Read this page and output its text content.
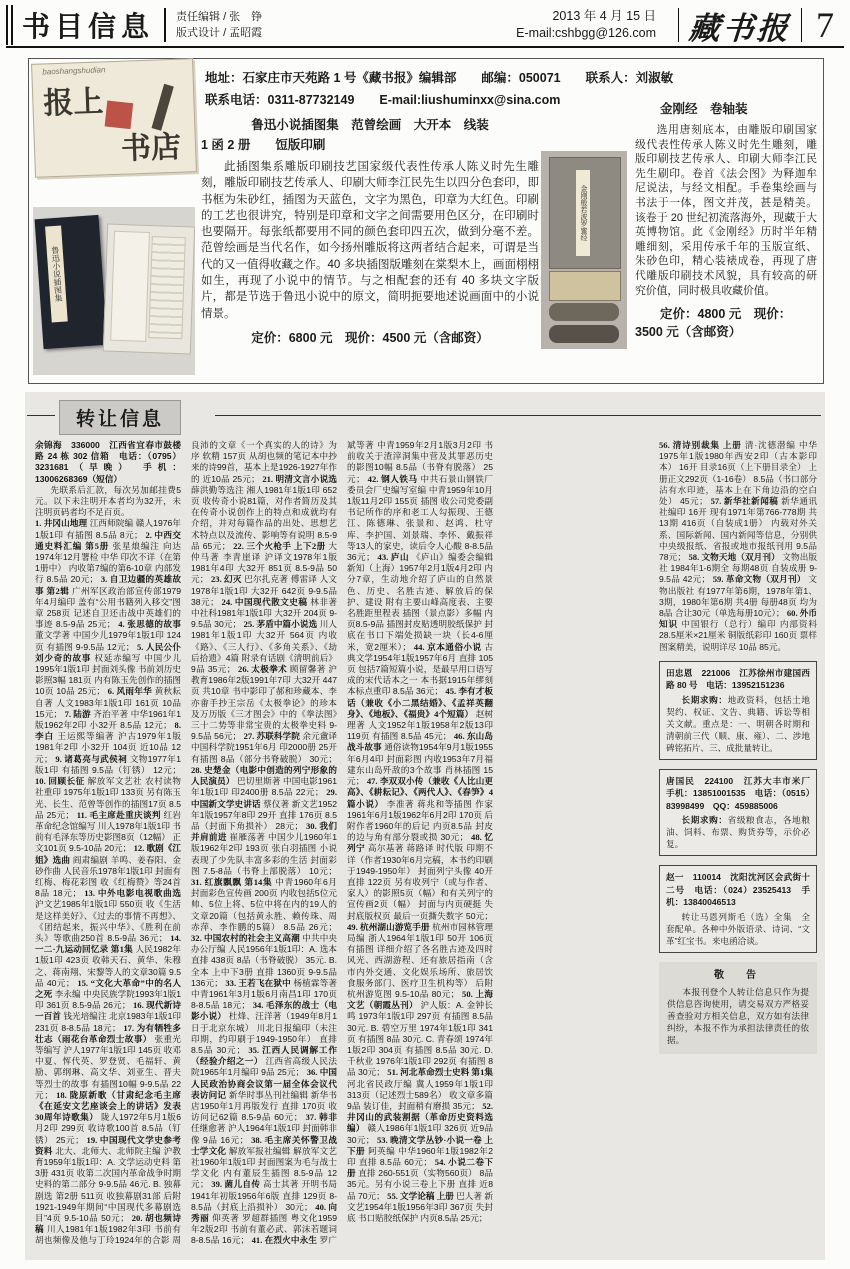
书目信息 责任编辑 / 张　铮
版式设计 / 孟昭霞
2013 年 4 月 15 日
E-mail:cshbgg@126.com 藏书报 7
baoshangshudian
报上
书店
地址：石家庄市天苑路 1 号《藏书报》编辑部　　邮编：050071　　联系人：刘淑敏
联系电话：0311-87732149　　E-mail:liushuminxx@sina.com
鲁迅小说插图集　范曾绘画　大开本　线装
1 函 2 册　　饾版印刷
此插图集系雕版印刷技艺国家级代表性传承人陈义时先生雕刻，雕版印刷技艺传承人、印刷大师李江民先生以四分色套印，即书框为朱砂红，插图为天蓝色，文字为黑色，印章为大红色。印刷的工艺也很讲究，特别是印章和文字之间需要用色区分，在印刷时也要隔开。每张纸都要用不同的颜色套印四五次，做到分毫不差。范曾绘画是当代名作，如今扬州雕版将这两者结合起来，可谓是当代的又一值得收藏之作。40 多块插图版雕刻在棠梨木上，画面栩栩如生，再现了小说中的情节。与之相配套的还有 40 多块文字版片，都是节选于鲁迅小说中的原文，简明扼要地述说画面中的小说情景。
定价：6800 元　现价：4500 元（含邮资）
鲁迅小说插图集
金刚般若波罗蜜经
金刚经　卷轴装
选用唐刻底本，由雕版印刷国家级代表性传承人陈义时先生雕刻，雕版印刷技艺传承人、印刷大师李江民先生刷印。卷首《法会图》为释迦牟尼说法，与经文相配。手卷集绘画与书法于一体，图文并茂，甚是精美。该卷于 20 世纪初流落海外，现藏于大英博物馆。此《金刚经》历时半年精雕细刻，采用传承千年的玉版宣纸、朱砂色印，精心装裱成卷，再现了唐代雕版印刷技术风貌，具有较高的研究价值，同时极具收藏价值。
定价：4800 元　现价：3500 元（含邮资）
转让信息

余锦海　336000　江西省宜春市鼓楼路 24 栋 302 信箱　电话：（0795）3231681（早晚）　手机：13006268369（短信）

先联系后汇款，每次另加邮挂费5元。以下未注明开本者均为32开，未注明页码者均不足百页。

1. 井冈山地理 江西师院编 赣人1976年1版1印 有插图 8.5品 8元； 2. 中西交通史料汇编 第5册 张星烺编注 向达1974年12月署检 中华 印次不详（在第1册中） 内收第7编的第6-10章 内部发行 8.5品 20元； 3. 自卫边疆的英雄故事 第2辑 广州军区政治部宣传部1979年4月编印 盖有“公用书籍列入移交”图章 258页 记述自卫还击战中英雄们的事迹 8.5-9品 25元； 4. 张思德的故事 董文学著 中国少儿1979年1版1印 124页 有插图 9-9.5品 12元； 5. 人民公仆刘少奇的故事 权延赤编写 中国少儿1995年1版1印 封面刘头像 书前刘历史影照3幅 181页 内有陈玉先创作的插图10页 10品 25元； 6. 风雨年华 黄秋耘自著 人文1983年1版1印 161页 10品 15元； 7. 陆游 齐治平著 中华1961年1版1962年2印 小32开 8.5品 12元； 8. 李白 王运熙等编著 沪古1979年1版1981年2印 小32开 104页 近10品 12元； 9. 诸葛亮与武侯祠 文物1977年1版1印 有插图 9.5品（钉锈） 12元； 10. 回顾长征 解放军文艺社 农村读物社重印 1975年1版1印 133页 另有陈玉光、长生、范曾等创作的插图17页 8.5品 25元； 11. 毛主席赴重庆谈判 红岩革命纪念馆编写 川人1978年1版1印 书前有毛泽东等历史影图8页（12幅） 正文101页 9.5-10品 20元； 12. 歌剧《江姐》选曲 阎肃编剧 羊鸣、姜春阳、金砂作曲 人民音乐1978年1版1印 封面有红梅、梅花彩图 收《红梅赞》等24首 8品 18元； 13. 中外电影电视歌曲选 沪文艺1985年1版1印 550页 收《生活是这样美好》、《过去的事情不再想》、《团结起来，振兴中华》、《胜利在前头》等歌曲250首 8.5-9品 36元； 14. 一二·九运动回忆录 第1集 人民1982年1版1印 423页 收韩天石、黄华、朱穆之、蒋南翔、宋黎等人的文章30篇 9.5品 40元； 15. “文化大革命”中的名人之死 李永编 中央民族学院1993年1版1印 361页 8.5-9品 26元； 16. 现代新诗一百首 钱光培编注 北京1983年1版1印 231页 8-8.5品 18元； 17. 为有牺牲多壮志（雨花台革命烈士故事） 张重光等编写 沪人1977年1版1印 145页 收邓中夏、恽代英、罗登贤、毛福轩、黄励、郭纲琳、高文华、刘亚生、晋夫等烈士的故事 有插图10幅 9-9.5品 22元； 18. 陇原新歌（甘肃纪念毛主席《在延安文艺座谈会上的讲话》发表30周年诗歌集） 陇人1972年5月1版6月2印 299页 收诗歌100首 8.5品（钉锈） 25元； 19. 中国现代文学史参考资料 北大、北师大、北师院主编 沪教育1959年1版1印：A. 文学运动史料 第3册 431页 收第二次国内革命战争时期史料的第二部分 9-9.5品 46元. B. 独幕剧选 第2册 511页 收独幕剧31部 后附1921-1949年期间“中国现代多幕剧选目”4页 9.5-10品 50元； 20. 胡也频诗稿 川人1981年1版1982年3印 书前有胡也频像及他与丁玲1924年的合影 周良沛的文章《一个真实的人的诗》为序 软精 157页 从胡也频的笔记本中抄来的诗99首，基本上是1926-1927年作的 近10品 25元； 21. 明清文言小说选 薛洪勤等选注 湘人1981年1版1印 652页 收传奇小说81篇，对作者简历及其在传奇小说创作上的特点和成就均有介绍，并对每篇作品的出处、思想艺术特点以及流传、影响等有说明 8.5-9品 65元； 22. 三个火枪手 上下2册 大仲马著 李青崖译 沪译文1978年1版1981年4印 大32开 851页 8.5-9品 50元； 23. 幻灭 巴尔扎克著 傅雷译 人文1978年1版1印 大32开 642页 9-9.5品 38元； 24. 中国现代散文史稿 林非著 中社科1981年1版1印 大32开 204页 9-9.5品 30元； 25. 茅盾中篇小说选 川人1981年1版1印 大32开 564页 内收《路》、《三人行》、《多角关系》、《劫后拾遗》4篇 附录有话剧《清明前后》 9品 35元； 26. 太极拳术 顾留馨著 沪教育1986年2版1991年7印 大32开 447页 共10章 书中影印了郝和珍藏本、李亦畬手抄王宗岳《太极拳论》的珍本及万历版《三才图会》中的《拳法图》三十二势等非常宝贵的太极拳史料 9-9.5品 56元； 27. 苏联科学院 余元盦译 中国科学院1951年6月 印2000册 25开 有插图 8品（部分书脊破脱） 30元； 28. 史楚金（电影中创造的列宁形象的人民演员） 巴切里斯著 中国电影1961年1版1印 印2400册 8.5品 22元； 29. 中国新文学史讲话 蔡仪著 新文艺1952年1版1957年8印 29开 直排 176页 8.5品（封面下角损补） 28元； 30. 我们并肩前进 崔雁荡著 中国少儿1960年1版1962年2印 193页 张白羽插图 小说表现了少先队丰富多彩的生活 封面彩图 7.5-8品（书脊上部脱落） 10元； 31. 红旗飘飘 第14集 中青1960年6月 封面彩色宣传画 200页 内收包括5位元帅、5位上将、5位中将在内的19人的文章20篇（包括黄永胜、赖传珠、周赤萍、李作鹏的5篇） 8.5品 26元； 32. 中国农村的社会主义高潮 中共中央办公厅编 人民1956年1版1印：A. 选本 直排 438页 8品（书脊破脱） 35元. B. 全本 上中下3册 直排 1360页 9-9.5品 136元； 33. 王若飞在狱中 杨植霖等著 中青1961年3月1版6月南昌1印 170页 8-8.5品 18元； 34. 毛泽东的战士（电影小说） 杜烽、汪洋著（1949年8月1日于北京东城） 川北日报编印（未注印期，约印刷于1949-1950年） 直排 8.5品 30元； 35. 江西人民调解工作（经验介绍之一） 江西省高级人民法院1965年1月编印 9品 25元； 36. 中国人民政治协商会议第一届全体会议代表访问记 新华时事丛刊社编辑 新华书店1950年1月再版发行 直排 170页 收访问记62篇 8.5-9品 60元； 37. 韩非 任继愈著 沪人1964年1版1印 封面韩非像 9品 16元； 38. 毛主席关怀警卫战士学文化 解放军报社编辑 解放军文艺社1960年1版1印 封面图案为毛与战士学文化 内有董辰生插图 8.5-9品 12元； 39. 菌儿自传 高士其著 开明书局1941年初版1956年6版 直排 129页 8-8.5品（封底上沿损补） 30元； 40. 向秀丽 仰英著 罗超群插图 粤文化1959年2版2印 书前有董必武、郭沫若题词 8-8.5品 16元； 41. 在烈火中永生 罗广斌等著 中青1959年2月1版3月2印 书前收关于渣滓洞集中营及其罪恶历史的影图10幅 8.5品（书脊有脱落） 25元； 42. 钢人铁马 中共石景山钢铁厂委员会厂史编写室编 中青1959年10月1版11月2印 155页 插图 收公司党委副书记所作的序和老工人勾振现、王德江、陈德琳、张景和、赵鸿、杜守库、李护国、刘景瑞、李怀、戴振祥等13人的家史，读后令人心酸 8-8.5品 36元； 43. 庐山 《庐山》编委会编辑 新知（上海）1957年2月1版4月2印 内分7章，生动地介绍了庐山的自然景色、历史、名胜古迹、解放后的保护、建设 附有主要山峰高度表、主要名胜距里程表 插图（景点影）多幅 内页8.5-9品 插图封皮贴透明胶纸保护 封底在书口下端处损缺一块（长4-6厘米，宽2厘米）； 44. 京本通俗小说 古典文学1954年1版1957年6月 直排 105页 包括7篇短篇小说，是最早用口语写成的宋代话本之一 本书据1915年缪刻本标点重印 8.5品 36元； 45. 李有才板话（兼收《小二黑结婚》、《孟祥英翻身》、《地板》、《福贵》4个短篇） 赵树理著 人文1952年1版1958年2版13印 119页 有插图 8.5品 45元； 46. 东山岛战斗故事 通俗读物1954年9月1版1955年6月4印 封面彩图 内收1953年7月福建东山岛歼敌的3个故事 肖林插图 15元； 47. 李双双小传（兼收《人比山更高》、《耕耘记》、《两代人》、《春笋》4篇小说） 李准著 蒋兆和等插图 作家1961年6月1版1962年6月2印 170页 后附作者1960年的后记 内页8.5品 封皮的边与角有部分裂或损 30元； 48. 忆列宁 高尔基著 蒋路译 时代版 印期不详（作者1930年6月完稿，本书约印刷于1949-1950年） 封面列宁头像 40开 直排 122页 另有收列宁（或与作者、家人）的影照5页（幅）和有关列宁的宣传画2页（幅） 封面与内页硬挺 失封底版权页 最后一页撕失数字 50元； 49. 杭州湖山游览手册 杭州市园林管理局编 浙人1964年1版1印 50开 106页 有插图 详细介绍了各名胜古迹及四时风光、西湖游程、还有旅居指南（含市内外交通、文化娱乐场所、旅居饮食服务部门、医疗卫生机构等） 后附杭州游览图 9.5-10品 80元； 50. 上海文艺（朝霞丛刊） 沪人版：A. 金钟长鸣 1973年1版1印 297页 有插图 8.5品 30元. B. 碧空万里 1974年1版1印 341页 有插图 8品 30元. C. 青春颂 1974年1版2印 304页 有插图 8.5品 30元. D. 千秋业 1976年1版1印 292页 有插图 8品 30元； 51. 河北革命烈士史料 第1集 河北省民政厅编 冀人1959年1版1印 313页（记述烈士589名） 收文章多篇 9品 装订佳，封面稍有磨损 35元； 52. 井冈山的武装割据（革命历史资料选编） 赣人1986年1版1印 326页 近9品 30元； 53. 晚清文学丛钞·小说一卷 上下册 阿英编 中华1960年1版1982年2印 直排 8.5品 60元； 54. 小说二卷下册 直排 260-551页（实物560页） 8品 35元。另有小说三卷上下册 直排 近8品 70元； 55. 文学论稿 上册 巴人著 新文艺1954年1版1956年3印 367页 失封底 书口贴胶纸保护 内页8.5品 25元；
56. 清诗别裁集 上册 清·沈德潜编 中华1975年1版1980年西安2印（古本影印本） 16开 目录16页（上下册目录全） 上册正文292页（1-16卷） 8.5品（书口部分沾有水印迹，基本上在下角边沿的空白处） 45元； 57. 新华社新闻稿 新华通讯社编印 16开 现有1971年第766-778期 共13期 416页（自装成1册） 内载对外关系、国际新闻、国内新闻等信息，分别供中央级报纸、省报或地市报纸刊用 9.5品 78元； 58. 文物天地（双月刊） 文物出版社 1984年1-6期全 每期48页 自装成册 9-9.5品 42元； 59. 革命文物（双月刊） 文物出版社 有1977年第6期，1978年第1、3期，1980年第6期 共4册 每册48页 均为8品 合让30元（单选每册10元）； 60. 外币知识 中国银行（总行）编印 内部资料 28.5厘米×21厘米 铜版纸彩印 160页 票样图案精美，说明详尽 10品 85元。

田忠恩　221006　江苏徐州市建国西路 80 号　电话：13952151236

长期求购：地政资料，包括土地契约、权证、文告、典籍、诉讼等相关文献。重点是：一、明朝各时期和清朝前三代（顺、康、雍）、二、涉地碑铭拓片、三、成批量转让。

唐国民　224100　江苏大丰市米厂　手机：13851001535　电话：（0515）83998499　QQ：459885006

长期求购：省级粮食志，各地粮油、饲料、布票、购货券等，示价必复。

赵一　110014　沈阳沈河区会武街十二号　电话：（024）23525413　手机：13840046513

转让马恩列斯毛（选）全集　全套配单。各种中外版语录、诗词、“文革”红宝书。来电函洽谈。

敬　告

本报刊登个人转让信息只作为提供信息咨询使用，请交易双方严格妥善查验对方相关信息，双方如有法律纠纷，本报不作为承担法律责任的依据。
